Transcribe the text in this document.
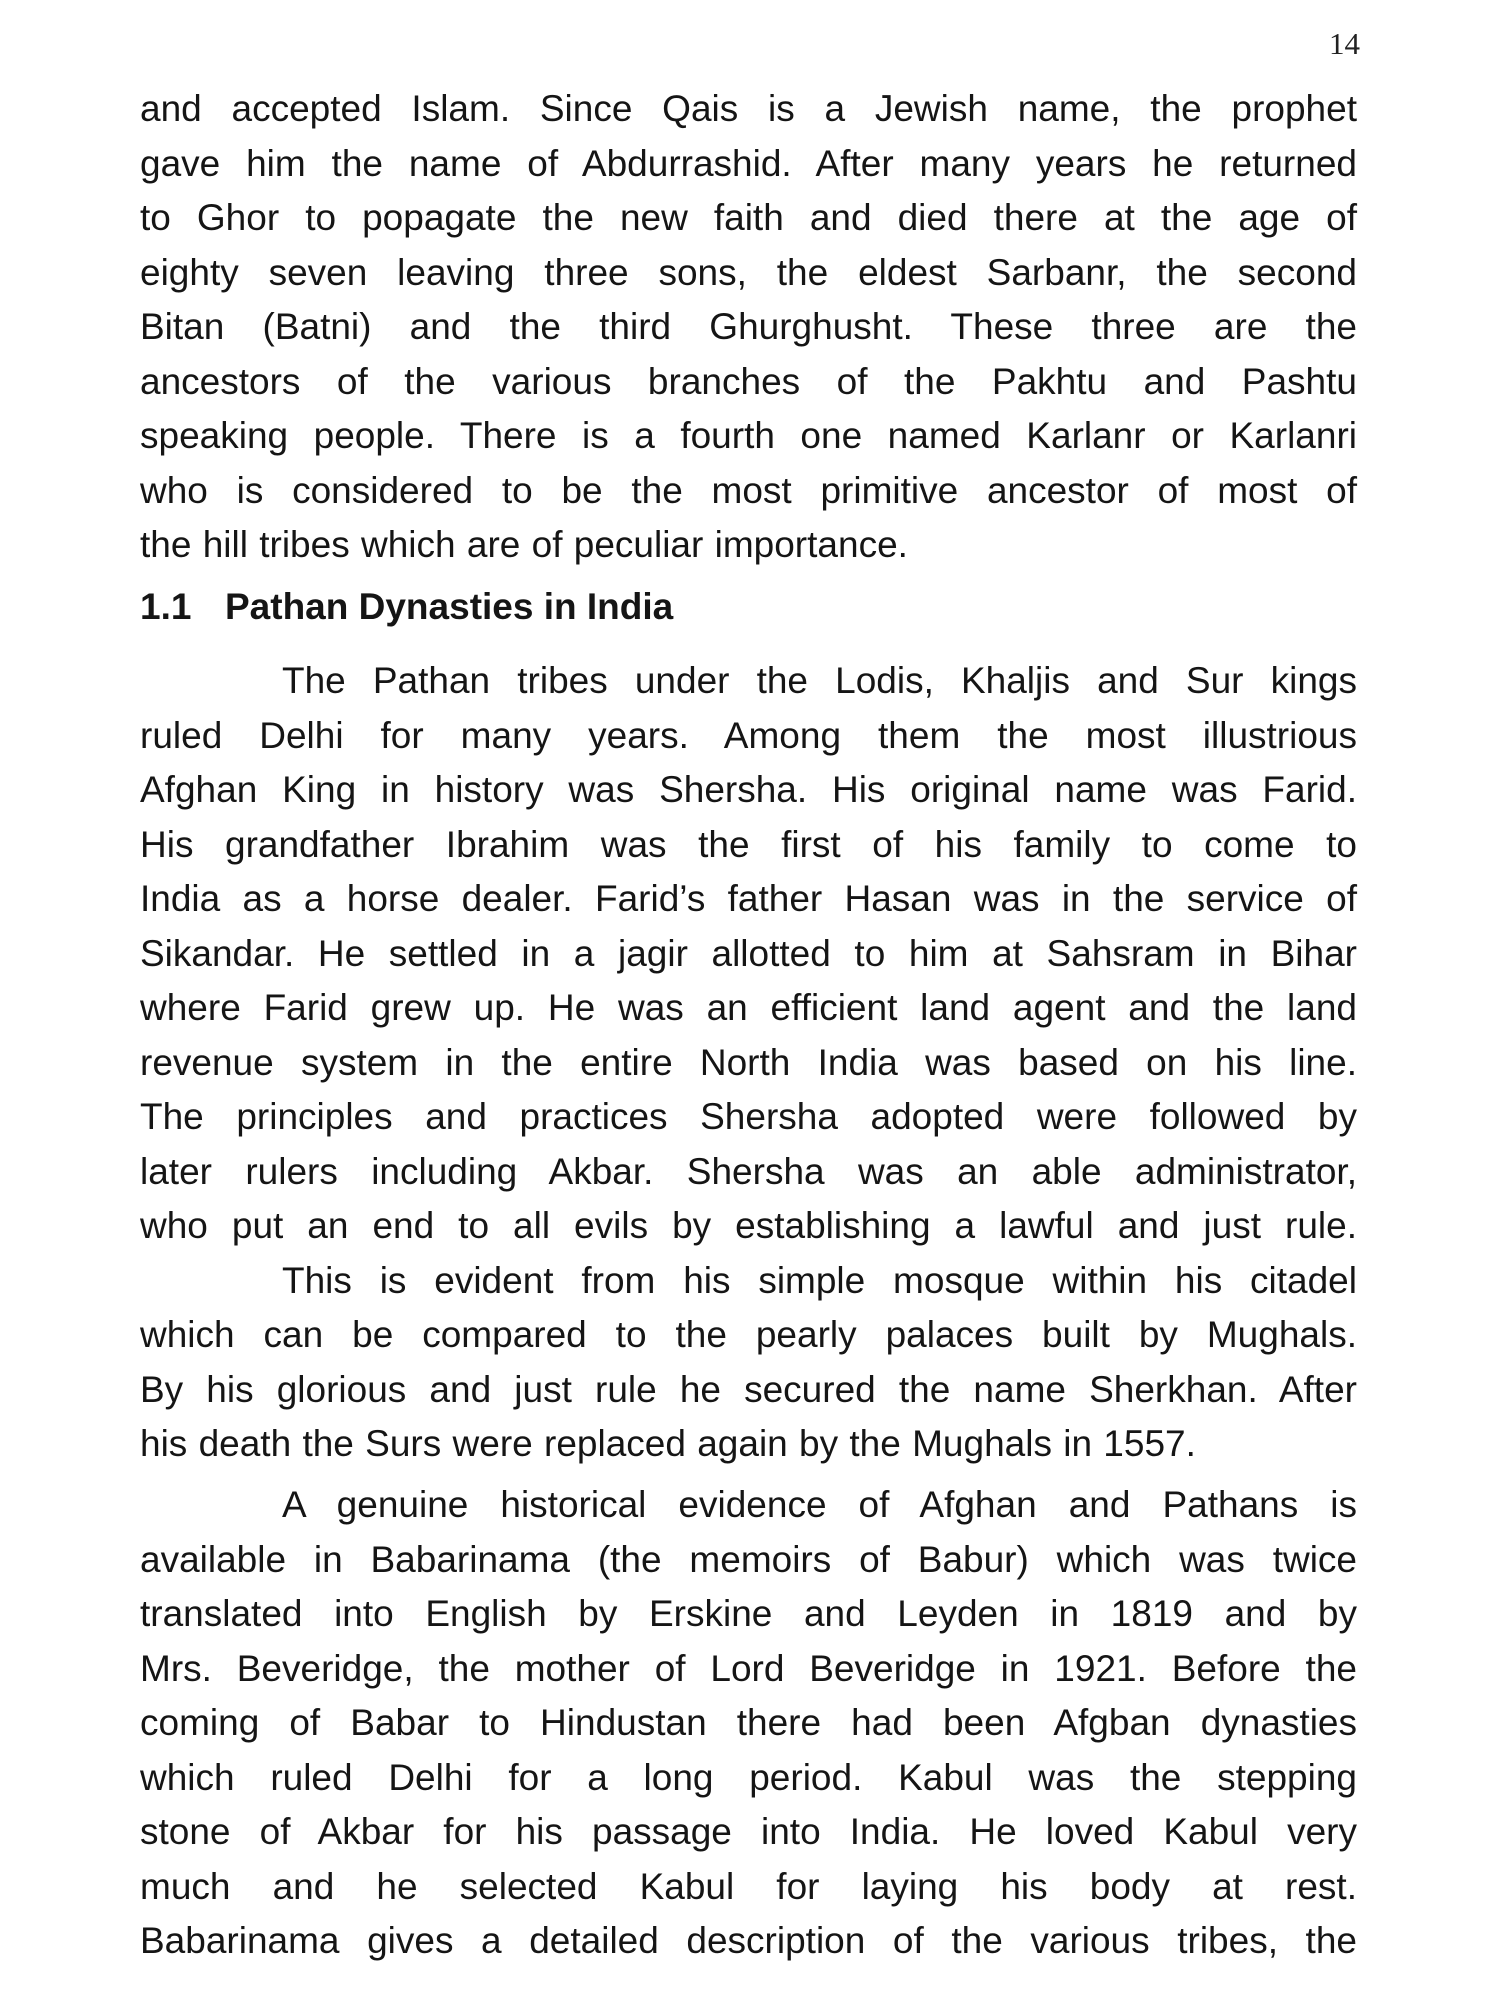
14
and accepted Islam. Since Qais is a Jewish name, the prophet
gave him the name of Abdurrashid. After many years he returned
to Ghor to popagate the new faith and died there at the age of
eighty seven leaving three sons, the eldest Sarbanr, the second
Bitan (Batni) and the third Ghurghusht. These three are the
ancestors of the various branches of the Pakhtu and Pashtu
speaking people. There is a fourth one named Karlanr or Karlanri
who is considered to be the most primitive ancestor of most of
the hill tribes which are of peculiar importance.
1.1 Pathan Dynasties in India
The Pathan tribes under the Lodis, Khaljis and Sur kings
ruled Delhi for many years. Among them the most illustrious
Afghan King in history was Shersha. His original name was Farid.
His grandfather Ibrahim was the first of his family to come to
India as a horse dealer. Farid’s father Hasan was in the service of
Sikandar. He settled in a jagir allotted to him at Sahsram in Bihar
where Farid grew up. He was an efficient land agent and the land
revenue system in the entire North India was based on his line.
The principles and practices Shersha adopted were followed by
later rulers including Akbar. Shersha was an able administrator,
who put an end to all evils by establishing a lawful and just rule.
This is evident from his simple mosque within his citadel
which can be compared to the pearly palaces built by Mughals.
By his glorious and just rule he secured the name Sherkhan. After
his death the Surs were replaced again by the Mughals in 1557.
A genuine historical evidence of Afghan and Pathans is
available in Babarinama (the memoirs of Babur) which was twice
translated into English by Erskine and Leyden in 1819 and by
Mrs. Beveridge, the mother of Lord Beveridge in 1921. Before the
coming of Babar to Hindustan there had been Afgban dynasties
which ruled Delhi for a long period. Kabul was the stepping
stone of Akbar for his passage into India. He loved Kabul very
much and he selected Kabul for laying his body at rest.
Babarinama gives a detailed description of the various tribes, the
